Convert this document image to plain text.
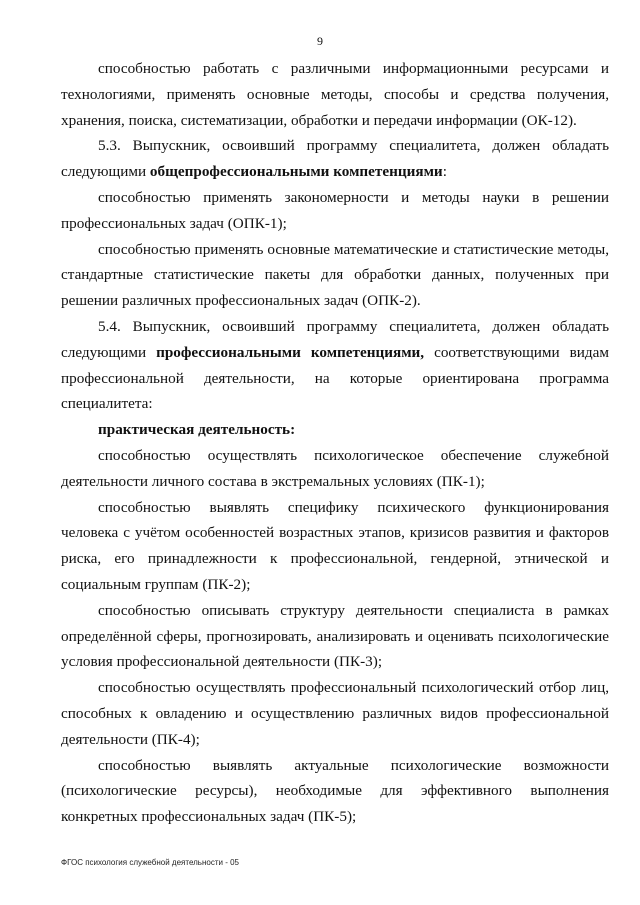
9

способностью работать с различными информационными ресурсами и технологиями, применять основные методы, способы и средства получения, хранения, поиска, систематизации, обработки и передачи информации (ОК-12).

5.3. Выпускник, освоивший программу специалитета, должен обладать следующими общепрофессиональными компетенциями:

способностью применять закономерности и методы науки в решении профессиональных задач (ОПК-1);

способностью применять основные математические и статистические методы, стандартные статистические пакеты для обработки данных, полученных при решении различных профессиональных задач (ОПК-2).

5.4. Выпускник, освоивший программу специалитета, должен обладать следующими профессиональными компетенциями, соответствующими видам профессиональной деятельности, на которые ориентирована программа специалитета:

практическая деятельность:

способностью осуществлять психологическое обеспечение служебной деятельности личного состава в экстремальных условиях (ПК-1);

способностью выявлять специфику психического функционирования человека с учётом особенностей возрастных этапов, кризисов развития и факторов риска, его принадлежности к профессиональной, гендерной, этнической и социальным группам (ПК-2);

способностью описывать структуру деятельности специалиста в рамках определённой сферы, прогнозировать, анализировать и оценивать психологические условия профессиональной деятельности (ПК-3);

способностью осуществлять профессиональный психологический отбор лиц, способных к овладению и осуществлению различных видов профессиональной деятельности (ПК-4);

способностью выявлять актуальные психологические возможности (психологические ресурсы), необходимые для эффективного выполнения конкретных профессиональных задач (ПК-5);

ФГОС психология служебной деятельности - 05
